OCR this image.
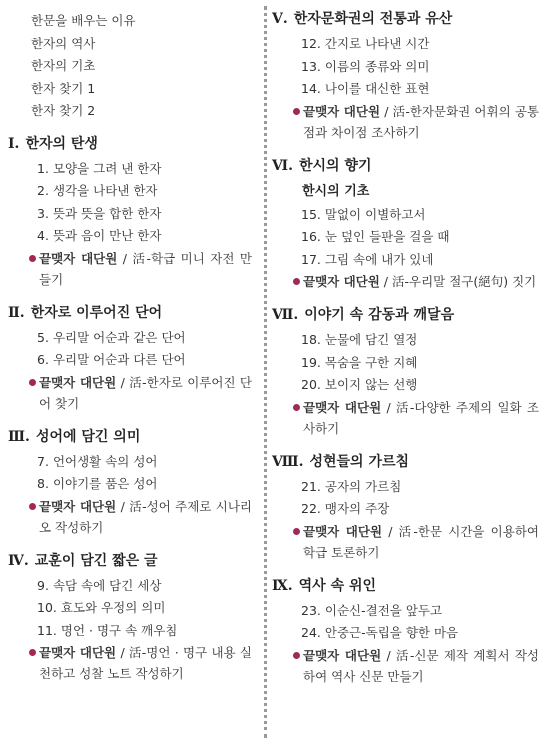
한문을 배우는 이유
한자의 역사
한자의 기초
한자 찾기 1
한자 찾기 2
Ⅰ. 한자의 탄생
1. 모양을 그려 낸 한자
2. 생각을 나타낸 한자
3. 뜻과 뜻을 합한 한자
4. 뜻과 음이 만난 한자
끝맺자 대단원 / 活-학급 미니 자전 만들기
Ⅱ. 한자로 이루어진 단어
5. 우리말 어순과 같은 단어
6. 우리말 어순과 다른 단어
끝맺자 대단원 / 活-한자로 이루어진 단어 찾기
Ⅲ. 성어에 담긴 의미
7. 언어생활 속의 성어
8. 이야기를 품은 성어
끝맺자 대단원 / 活-성어 주제로 시나리오 작성하기
Ⅳ. 교훈이 담긴 짧은 글
9. 속담 속에 담긴 세상
10. 효도와 우정의 의미
11. 명언 · 명구 속 깨우침
끝맺자 대단원 / 活-명언 · 명구 내용 실천하고 성찰 노트 작성하기
Ⅴ. 한자문화권의 전통과 유산
12. 간지로 나타낸 시간
13. 이름의 종류와 의미
14. 나이를 대신한 표현
끝맺자 대단원 / 活-한자문화권 어휘의 공통점과 차이점 조사하기
Ⅵ. 한시의 향기
한시의 기초
15. 말없이 이별하고서
16. 눈 덮인 들판을 걸을 때
17. 그림 속에 내가 있네
끝맺자 대단원 / 活-우리말 절구(絕句) 짓기
Ⅶ. 이야기 속 감동과 깨달음
18. 눈물에 담긴 열정
19. 목숨을 구한 지혜
20. 보이지 않는 선행
끝맺자 대단원 / 活-다양한 주제의 일화 조사하기
Ⅷ. 성현들의 가르침
21. 공자의 가르침
22. 맹자의 주장
끝맺자 대단원 / 活-한문 시간을 이용하여 학급 토론하기
Ⅸ. 역사 속 위인
23. 이순신-결전을 앞두고
24. 안중근-독립을 향한 마음
끝맺자 대단원 / 活-신문 제작 계획서 작성하여 역사 신문 만들기
